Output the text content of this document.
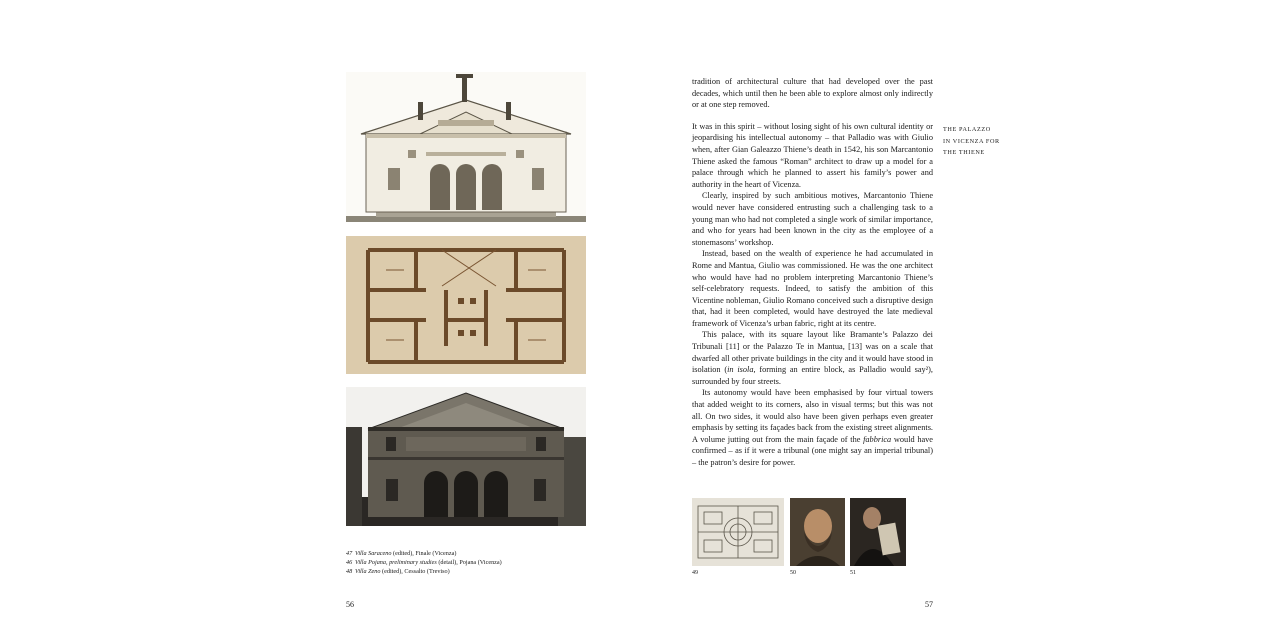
47 Villa Saraceno (edited), Finale (Vicenza)
46 Villa Pojana, preliminary studies (detail), Pojana (Vicenza)
48 Villa Zeno (edited), Cessalto (Treviso)
56

tradition of architectural culture that had developed over the past decades, which until then he been able to explore almost only indirectly or at one step removed.

It was in this spirit – without losing sight of his own cultural identity or jeopardising his intellectual autonomy – that Palladio was with Giulio when, after Gian Galeazzo Thiene’s death in 1542, his son Marcantonio Thiene asked the famous “Roman” architect to draw up a model for a palace through which he planned to assert his family’s power and authority in the heart of Vicenza.

Clearly, inspired by such ambitious motives, Marcantonio Thiene would never have considered entrusting such a challenging task to a young man who had not completed a single work of similar importance, and who for years had been known in the city as the employee of a stonemasons’ workshop.

Instead, based on the wealth of experience he had accumulated in Rome and Mantua, Giulio was commissioned. He was the one architect who would have had no problem interpreting Marcantonio Thiene’s self-celebratory requests. Indeed, to satisfy the ambition of this Vicentine nobleman, Giulio Romano conceived such a disruptive design that, had it been completed, would have destroyed the late medieval framework of Vicenza’s urban fabric, right at its centre.

This palace, with its square layout like Bramante’s Palazzo dei Tribunali [11] or the Palazzo Te in Mantua, [13] was on a scale that dwarfed all other private buildings in the city and it would have stood in isolation (in isola, forming an entire block, as Palladio would say²), surrounded by four streets.

Its autonomy would have been emphasised by four virtual towers that added weight to its corners, also in visual terms; but this was not all. On two sides, it would also have been given perhaps even greater emphasis by setting its façades back from the existing street alignments. A volume jutting out from the main façade of the fabbrica would have confirmed – as if it were a tribunal (one might say an imperial tribunal) – the patron’s desire for power.

THE PALAZZO
IN VICENZA FOR
THE THIENE
49	50	51
57
